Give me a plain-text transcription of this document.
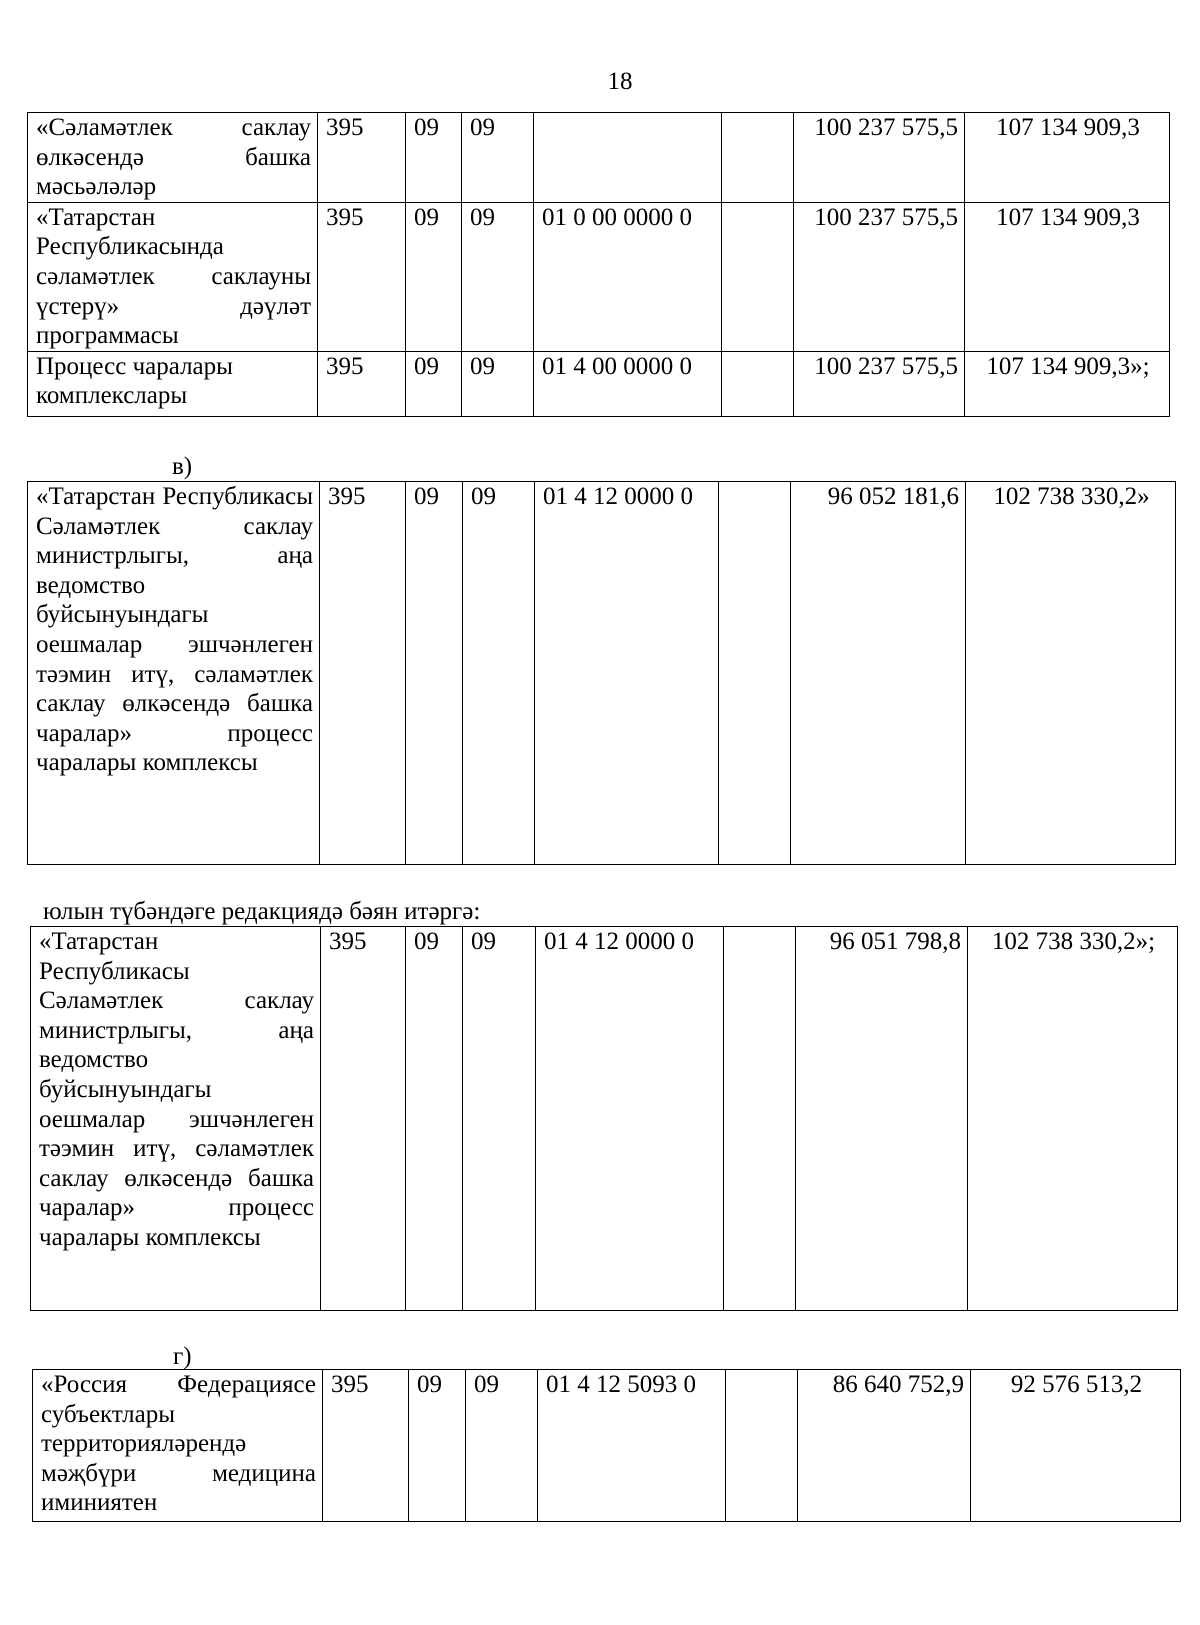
18
«Сәламәтлек саклау өлкәсендә башка мәсьәләләр	395	09	09			100 237 575,5	107 134 909,3
«Татарстан Республикасында сәламәтлек саклауны үстерү» дәүләт программасы	395	09	09	01 0 00 0000 0		100 237 575,5	107 134 909,3
Процесс чаралары комплекслары	395	09	09	01 4 00 0000 0		100 237 575,5	107 134 909,3»;
в)
«Татарстан Республикасы Сәламәтлек саклау министрлыгы, аңа ведомство буйсынуындагы оешмалар эшчәнлеген тәэмин итү, сәламәтлек саклау өлкәсендә башка чаралар» процесс чаралары комплексы	395	09	09	01 4 12 0000 0		96 052 181,6	102 738 330,2»
юлын түбәндәге редакциядә бәян итәргә:
«Татарстан Республикасы Сәламәтлек саклау министрлыгы, аңа ведомство буйсынуындагы оешмалар эшчәнлеген тәэмин итү, сәламәтлек саклау өлкәсендә башка чаралар» процесс чаралары комплексы	395	09	09	01 4 12 0000 0		96 051 798,8	102 738 330,2»;
г)
«Россия Федерациясе субъектлары территорияләрендә мәҗбүри медицина иминиятен	395	09	09	01 4 12 5093 0		86 640 752,9	92 576 513,2
